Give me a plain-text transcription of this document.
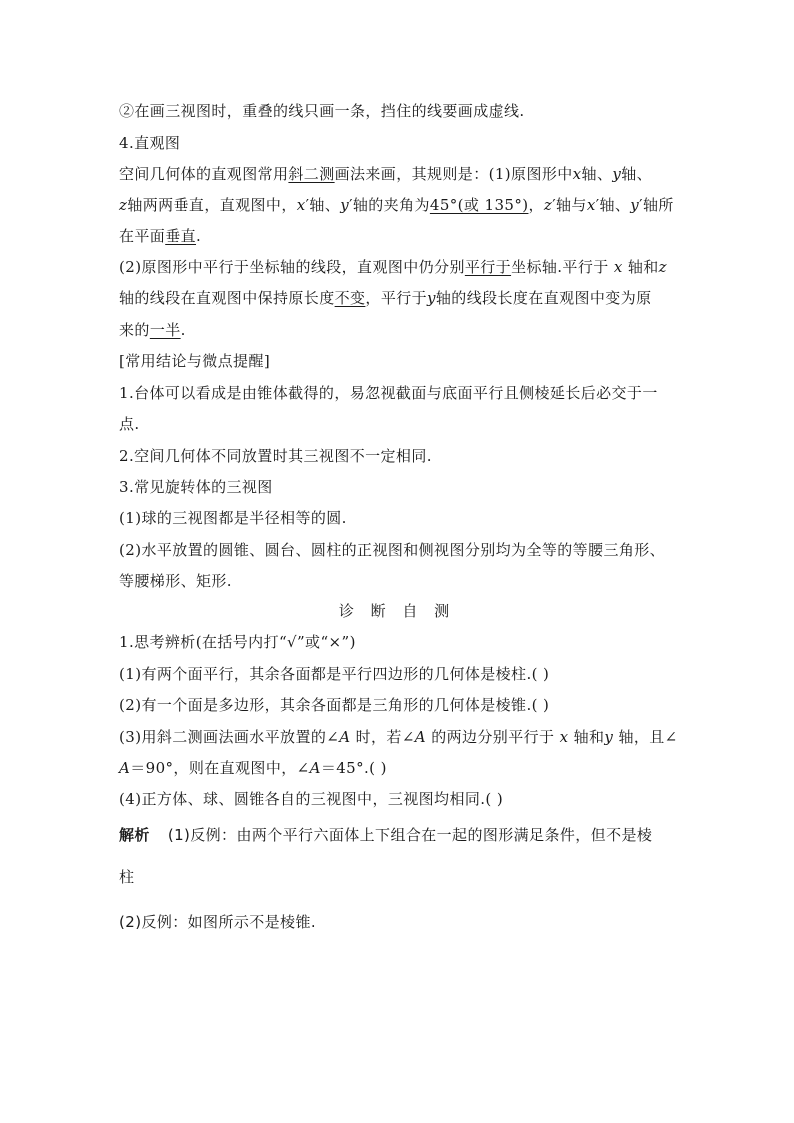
②在画三视图时，重叠的线只画一条，挡住的线要画成虚线.
4.直观图
空间几何体的直观图常用斜二测画法来画，其规则是：(1)原图形中x轴、y轴、
z轴两两垂直，直观图中，x′轴、y′轴的夹角为45°(或 135°)，z′轴与x′轴、y′轴所
在平面垂直.
(2)原图形中平行于坐标轴的线段，直观图中仍分别平行于坐标轴.平行于 x 轴和z
轴的线段在直观图中保持原长度不变，平行于y轴的线段长度在直观图中变为原
来的一半.
[常用结论与微点提醒]
1.台体可以看成是由锥体截得的，易忽视截面与底面平行且侧棱延长后必交于一
点.
2.空间几何体不同放置时其三视图不一定相同.
3.常见旋转体的三视图
(1)球的三视图都是半径相等的圆.
(2)水平放置的圆锥、圆台、圆柱的正视图和侧视图分别均为全等的等腰三角形、
等腰梯形、矩形.
诊 断 自 测
1.思考辨析(在括号内打“√”或“×”)
(1)有两个面平行，其余各面都是平行四边形的几何体是棱柱.( )
(2)有一个面是多边形，其余各面都是三角形的几何体是棱锥.( )
(3)用斜二测画法画水平放置的∠A 时，若∠A 的两边分别平行于 x 轴和y 轴，且∠
A＝90°，则在直观图中，∠A＝45°.( )
(4)正方体、球、圆锥各自的三视图中，三视图均相同.( )
解析 (1)反例：由两个平行六面体上下组合在一起的图形满足条件，但不是棱
柱
(2)反例：如图所示不是棱锥.
